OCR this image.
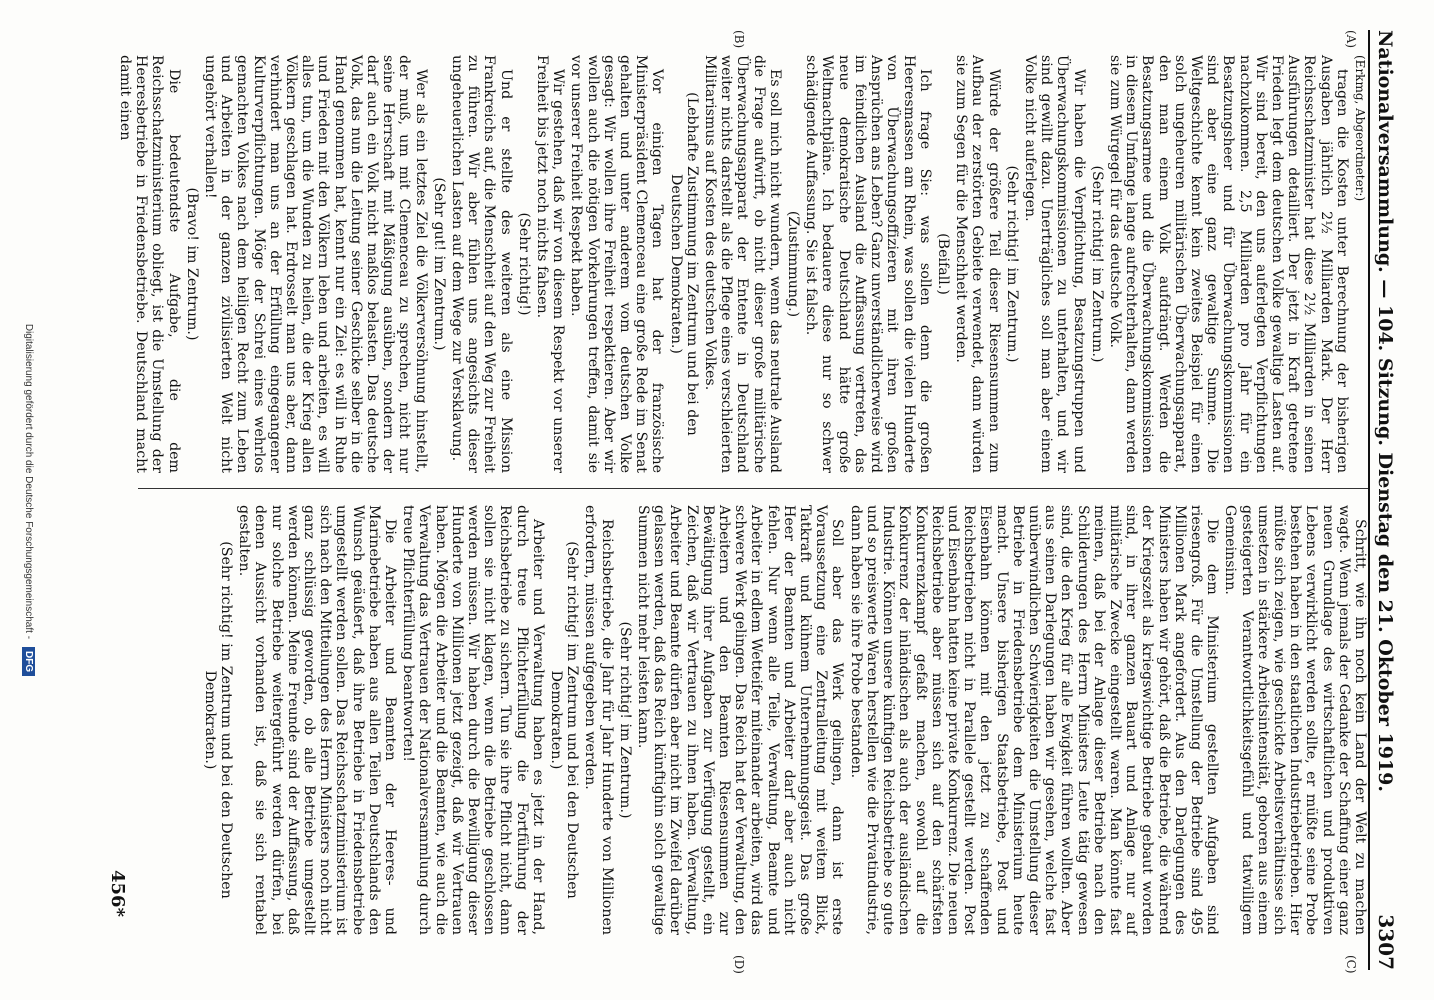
Nationalversammlung. — 104. Sitzung. Dienstag den 21. Oktober 1919.
3307
(A)
(B)
(C)
(D)

(Erkmg, Abgeordneter:)

tragen die Kosten unter Berechnung der bisherigen Ausgaben jährlich 2½ Milliarden Mark. Der Herr Reichsschatzminister hat diese 2½ Milliarden in seinen Ausführungen detailliert. Der jetzt in Kraft getretene Frieden legt dem deutschen Volke gewaltige Lasten auf. Wir sind bereit, den uns auferlegten Verpflichtungen nachzukommen. 2,5 Milliarden pro Jahr für ein Besatzungsheer und für Überwachungskommissionen sind aber eine ganz gewaltige Summe. Die Weltgeschichte kennt kein zweites Beispiel für einen solch ungeheuren militärischen Überwachungsapparat, den man einem Volk aufdrängt. Werden die Besatzungsarmee und die Überwachungskommissionen in diesem Umfange lange aufrechterhalten, dann werden sie zum Würgegel für das deutsche Volk.

(Sehr richtig! im Zentrum.)

Wir haben die Verpflichtung, Besatzungstruppen und Überwachungskommissionen zu unterhalten, und wir sind gewillt dazu. Unerträgliches soll man aber einem Volke nicht auferlegen.

(Sehr richtig! im Zentrum.)

Würde der größere Teil dieser Riesensummen zum Aufbau der zerstörten Gebiete verwendet, dann würden sie zum Segen für die Menschheit werden.

(Beifall.)

Ich frage Sie: was sollen denn die großen Heeresmassen am Rhein, was sollen die vielen Hunderte von Überwachungsoffizieren mit ihren großen Ansprüchen ans Leben? Ganz unverständlicherweise wird im feindlichen Ausland die Auffassung vertreten, das neue demokratische Deutschland hätte große Weltmachtpläne. Ich bedauere diese nur so schwer schädigende Auffassung. Sie ist falsch.

(Zustimmung.)

Es soll mich nicht wundern, wenn das neutrale Ausland die Frage aufwirft, ob nicht dieser große militärische Überwachungsapparat der Entente in Deutschland weiter nichts darstellt als die Pflege eines verschleierten Militarismus auf Kosten des deutschen Volkes.

(Lebhafte Zustimmung im Zentrum und bei den Deutschen Demokraten.)

Vor einigen Tagen hat der französische Ministerpräsident Clemenceau eine große Rede im Senat gehalten und unter anderem vom deutschen Volke gesagt: Wir wollen ihre Freiheit respektieren. Aber wir wollen auch die nötigen Vorkehrungen treffen, damit sie vor unserer Freiheit Respekt haben.

Wir gestehen, daß wir von diesem Respekt vor unserer Freiheit bis jetzt noch nichts fahsen.

(Sehr richtig!)

Und er stellte des weiteren als eine Mission Frankreichs auf, die Menschheit auf den Weg zur Freiheit zu führen. Wir aber fühlen uns angesichts dieser ungeheuerlichen Lasten auf dem Wege zur Versklavung.

(Sehr gut! im Zentrum.)

Wer als ein letztes Ziel die Völkerversöhnung hinstellt, der muß, um mit Clemenceau zu sprechen, nicht nur seine Herrschaft mit Mäßigung ausüben, sondern der darf auch ein Volk nicht maßlos belasten. Das deutsche Volk, das nun die Leitung seiner Geschicke selber in die Hand genommen hat, kennt nur ein Ziel: es will in Ruhe und Frieden mit den Völkern leben und arbeiten, es will alles tun, um die Wunden zu heilen, die der Krieg allen Völkern geschlagen hat. Erdrosselt man uns aber, dann verhindert man uns an der Erfüllung eingegangener Kulturverpflichtungen. Möge der Schrei eines wehrlos gemachten Volkes nach dem heiligen Recht zum Leben und Arbeiten in der ganzen zivilisierten Welt nicht ungehört verhallen!

(Bravo! im Zentrum.)

Die bedeutendste Aufgabe, die dem Reichsschatzministerium obliegt, ist die Umstellung der Heeresbetriebe in Friedensbetriebe. Deutschland macht damit einen

Schritt, wie ihn noch kein Land der Welt zu machen wagte. Wenn jemals der Gedanke der Schaffung einer ganz neuen Grundlage des wirtschaftlichen und produktiven Lebens verwirklicht werden sollte, er müßte seine Probe bestehen haben in den staatlichen Industriebetrieben. Hier müßte sich zeigen, wie geschickte Arbeitsverhältnisse sich umsetzen in stärkere Arbeitsintensität, geboren aus einem gesteigerten Verantwortlichkeitsgefühl und tatwilligem Gemeinsinn.

Die dem Ministerium gestellten Aufgaben sind riesengroß. Für die Umstellung der Betriebe sind 495 Millionen Mark angefordert. Aus den Darlegungen des Ministers haben wir gehört, daß die Betriebe, die während der Kriegszeit als kriegswichtige Betriebe gebaut worden sind, in ihrer ganzen Bauart und Anlage nur auf militärische Zwecke eingestellt waren. Man könnte fast meinen, daß bei der Anlage dieser Betriebe nach den Schilderungen des Herrn Ministers Leute tätig gewesen sind, die den Krieg für alle Ewigkeit führen wollten. Aber aus seinen Darlegungen haben wir gesehen, welche fast unüberwindlichen Schwierigkeiten die Umstellung dieser Betriebe in Friedensbetriebe dem Ministerium heute macht. Unsere bisherigen Staatsbetriebe, Post und Eisenbahn können mit den jetzt zu schaffenden Reichsbetrieben nicht in Parallele gestellt werden. Post und Eisenbahn hatten keine private Konkurrenz. Die neuen Reichsbetriebe aber müssen sich auf den schärfsten Konkurrenzkampf gefaßt machen, sowohl auf die Konkurrenz der inländischen als auch der ausländischen Industrie. Können unsere künftigen Reichsbetriebe so gute und so preiswerte Waren herstellen wie die Privatindustrie, dann haben sie ihre Probe bestanden.

Soll aber das Werk gelingen, dann ist erste Voraussetzung eine Zentralleitung mit weitem Blick, Tatkraft und kühnem Unternehmungsgeist. Das große Heer der Beamten und Arbeiter darf aber auch nicht fehlen. Nur wenn alle Teile, Verwaltung, Beamte und Arbeiter in edlem Wetteifer miteinander arbeiten, wird das schwere Werk gelingen. Das Reich hat der Verwaltung, den Arbeitern und den Beamten Riesensummen zur Bewältigung ihrer Aufgaben zur Verfügung gestellt, ein Zeichen, daß wir Vertrauen zu ihnen haben. Verwaltung, Arbeiter und Beamte dürfen aber nicht im Zweifel darüber gelassen werden, daß das Reich künftighin solch gewaltige Summen nicht mehr leisten kann.

(Sehr richtig! im Zentrum.)

Reichsbetriebe, die Jahr für Jahr Hunderte von Millionen erfordern, müssen aufgegeben werden.

(Sehr richtig! im Zentrum und bei den Deutschen Demokraten.)

Arbeiter und Verwaltung haben es jetzt in der Hand, durch treue Pflichterfüllung die Fortführung der Reichsbetriebe zu sichern. Tun sie ihre Pflicht nicht, dann sollen sie nicht klagen, wenn die Betriebe geschlossen werden müssen. Wir haben durch die Bewilligung dieser Hunderte von Millionen jetzt gezeigt, daß wir Vertrauen haben. Mögen die Arbeiter und die Beamten, wie auch die Verwaltung das Vertrauen der Nationalversammlung durch treue Pflichterfüllung beantworten!

Die Arbeiter und Beamten der Heeres- und Marinebetriebe haben aus allen Teilen Deutschlands den Wunsch geäußert, daß ihre Betriebe in Friedensbetriebe umgestellt werden sollen. Das Reichsschatzministerium ist sich nach den Mitteilungen des Herrn Ministers noch nicht ganz schlüssig geworden, ob alle Betriebe umgestellt werden können. Meine Freunde sind der Auffassung, daß nur solche Betriebe weitergeführt werden dürfen, bei denen Aussicht vorhanden ist, daß sie sich rentabel gestalten.

(Sehr richtig! im Zentrum und bei den Deutschen Demokraten.)

456*
Digitalisierung gefördert durch die Deutsche Forschungsgemeinschaft -
DFG
